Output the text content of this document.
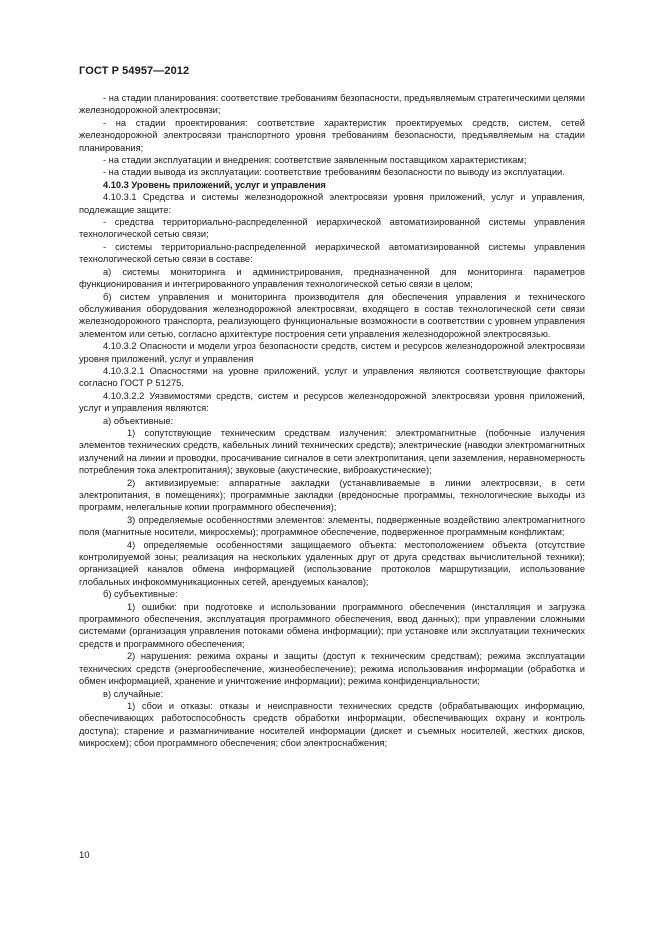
ГОСТ Р 54957—2012

- на стадии планирования: соответствие требованиям безопасности, предъявляемым стратегическими целями железнодорожной электросвязи;

- на стадии проектирования: соответствие характеристик проектируемых средств, систем, сетей железнодорожной электросвязи транспортного уровня требованиям безопасности, предъявляемым на стадии планирования;

- на стадии эксплуатации и внедрения: соответствие заявленным поставщиком характеристикам;

- на стадии вывода из эксплуатации: соответствие требованиям безопасности по выводу из эксплуатации.

4.10.3 Уровень приложений, услуг и управления

4.10.3.1 Средства и системы железнодорожной электросвязи уровня приложений, услуг и управления, подлежащие защите:

- средства территориально-распределенной иерархической автоматизированной системы управления технологической сетью связи;

- системы территориально-распределенной иерархической автоматизированной системы управления технологической сетью связи в составе:

а) системы мониторинга и администрирования, предназначенной для мониторинга параметров функционирования и интегрированного управления технологической сетью связи в целом;

б) систем управления и мониторинга производителя для обеспечения управления и технического обслуживания оборудования железнодорожной электросвязи, входящего в состав технологической сети связи железнодорожного транспорта, реализующего функциональные возможности в соответствии с уровнем управления элементом или сетью, согласно архитектуре построения сети управления железнодорожной электросвязью.

4.10.3.2 Опасности и модели угроз безопасности средств, систем и ресурсов железнодорожной электросвязи уровня приложений, услуг и управления

4.10.3.2.1 Опасностями на уровне приложений, услуг и управления являются соответствующие факторы согласно ГОСТ Р 51275.

4.10.3.2.2 Уязвимостями средств, систем и ресурсов железнодорожной электросвязи уровня приложений, услуг и управления являются:

а) объективные:

1) сопутствующие техническим средствам излучения: электромагнитные (побочные излучения элементов технических средств, кабельных линий технических средств); электрические (наводки электромагнитных излучений на линии и проводки, просачивание сигналов в сети электропитания, цепи заземления, неравномерность потребления тока электропитания); звуковые (акустические, виброакустические);

2) активизируемые: аппаратные закладки (устанавливаемые в линии электросвязи, в сети электропитания, в помещениях); программные закладки (вредоносные программы, технологические выходы из программ, нелегальные копии программного обеспечения);

3) определяемые особенностями элементов: элементы, подверженные воздействию электромагнитного поля (магнитные носители, микросхемы); программное обеспечение, подверженное программным конфликтам;

4) определяемые особенностями защищаемого объекта: местоположением объекта (отсутствие контролируемой зоны; реализация на нескольких удаленных друг от друга средствах вычислительной техники); организацией каналов обмена информацией (использование протоколов маршрутизации, использование глобальных инфокоммуникационных сетей, арендуемых каналов);

б) субъективные:

1) ошибки: при подготовке и использовании программного обеспечения (инсталляция и загрузка программного обеспечения, эксплуатация программного обеспечения, ввод данных); при управлении сложными системами (организация управления потоками обмена информации); при установке или эксплуатации технических средств и программного обеспечения;

2) нарушения: режима охраны и защиты (доступ к техническим средствам); режима эксплуатации технических средств (энергообеспечение, жизнеобеспечение); режима использования информации (обработка и обмен информацией, хранение и уничтожение информации); режима конфиденциальности;

в) случайные:

1) сбои и отказы: отказы и неисправности технических средств (обрабатывающих информацию, обеспечивающих работоспособность средств обработки информации, обеспечивающих охрану и контроль доступа); старение и размагничивание носителей информации (дискет и съемных носителей, жестких дисков, микросхем); сбои программного обеспечения; сбои электроснабжения;

10
